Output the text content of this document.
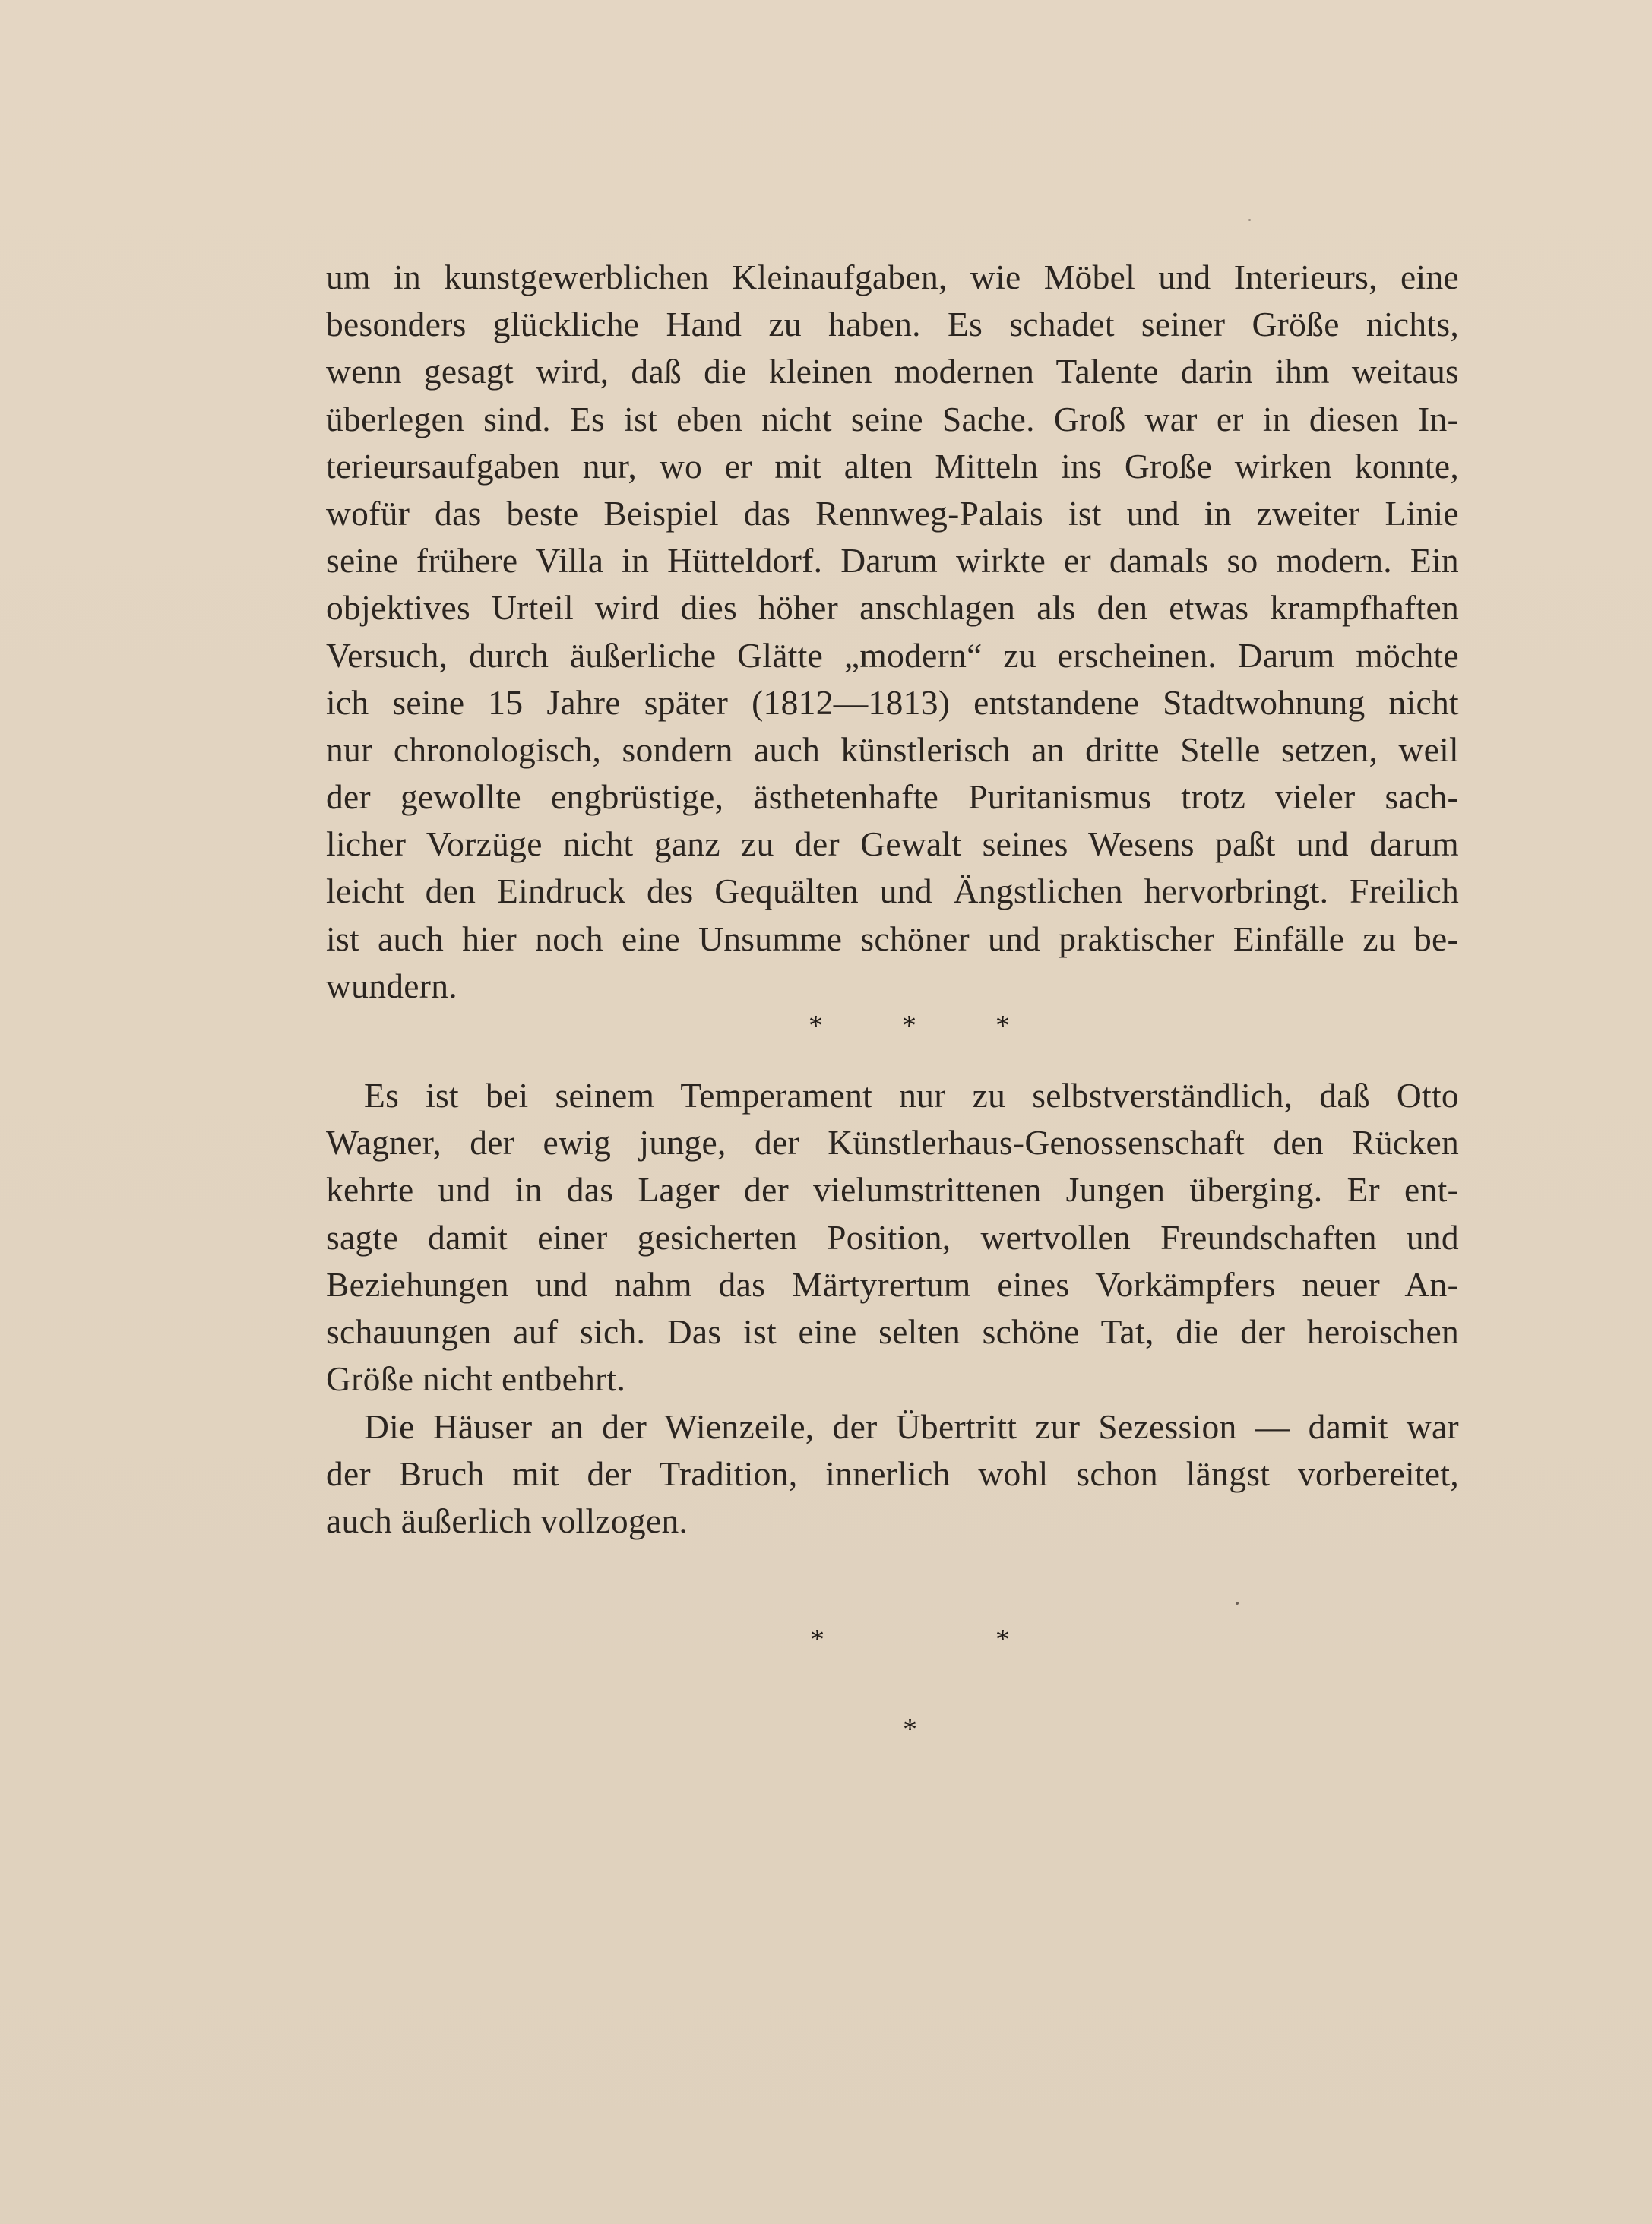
um in kunstgewerblichen Kleinaufgaben, wie Möbel und Interieurs, eine
besonders glückliche Hand zu haben. Es schadet seiner Größe nichts,
wenn gesagt wird, daß die kleinen modernen Talente darin ihm weitaus
überlegen sind. Es ist eben nicht seine Sache. Groß war er in diesen In-
terieursaufgaben nur, wo er mit alten Mitteln ins Große wirken konnte,
wofür das beste Beispiel das Rennweg-Palais ist und in zweiter Linie
seine frühere Villa in Hütteldorf. Darum wirkte er damals so modern. Ein
objektives Urteil wird dies höher anschlagen als den etwas krampfhaften
Versuch, durch äußerliche Glätte „modern“ zu erscheinen. Darum möchte
ich seine 15 Jahre später (1812—1813) entstandene Stadtwohnung nicht
nur chronologisch, sondern auch künstlerisch an dritte Stelle setzen, weil
der gewollte engbrüstige, ästhetenhafte Puritanismus trotz vieler sach-
licher Vorzüge nicht ganz zu der Gewalt seines Wesens paßt und darum
leicht den Eindruck des Gequälten und Ängstlichen hervorbringt. Freilich
ist auch hier noch eine Unsumme schöner und praktischer Einfälle zu be-
wundern.
*	*	*
Es ist bei seinem Temperament nur zu selbstverständlich, daß Otto
Wagner, der ewig junge, der Künstlerhaus-Genossenschaft den Rücken
kehrte und in das Lager der vielumstrittenen Jungen überging. Er ent-
sagte damit einer gesicherten Position, wertvollen Freundschaften und
Beziehungen und nahm das Märtyrertum eines Vorkämpfers neuer An-
schauungen auf sich. Das ist eine selten schöne Tat, die der heroischen
Größe nicht entbehrt.
Die Häuser an der Wienzeile, der Übertritt zur Sezession — damit war
der Bruch mit der Tradition, innerlich wohl schon längst vorbereitet,
auch äußerlich vollzogen.
*	*
*
